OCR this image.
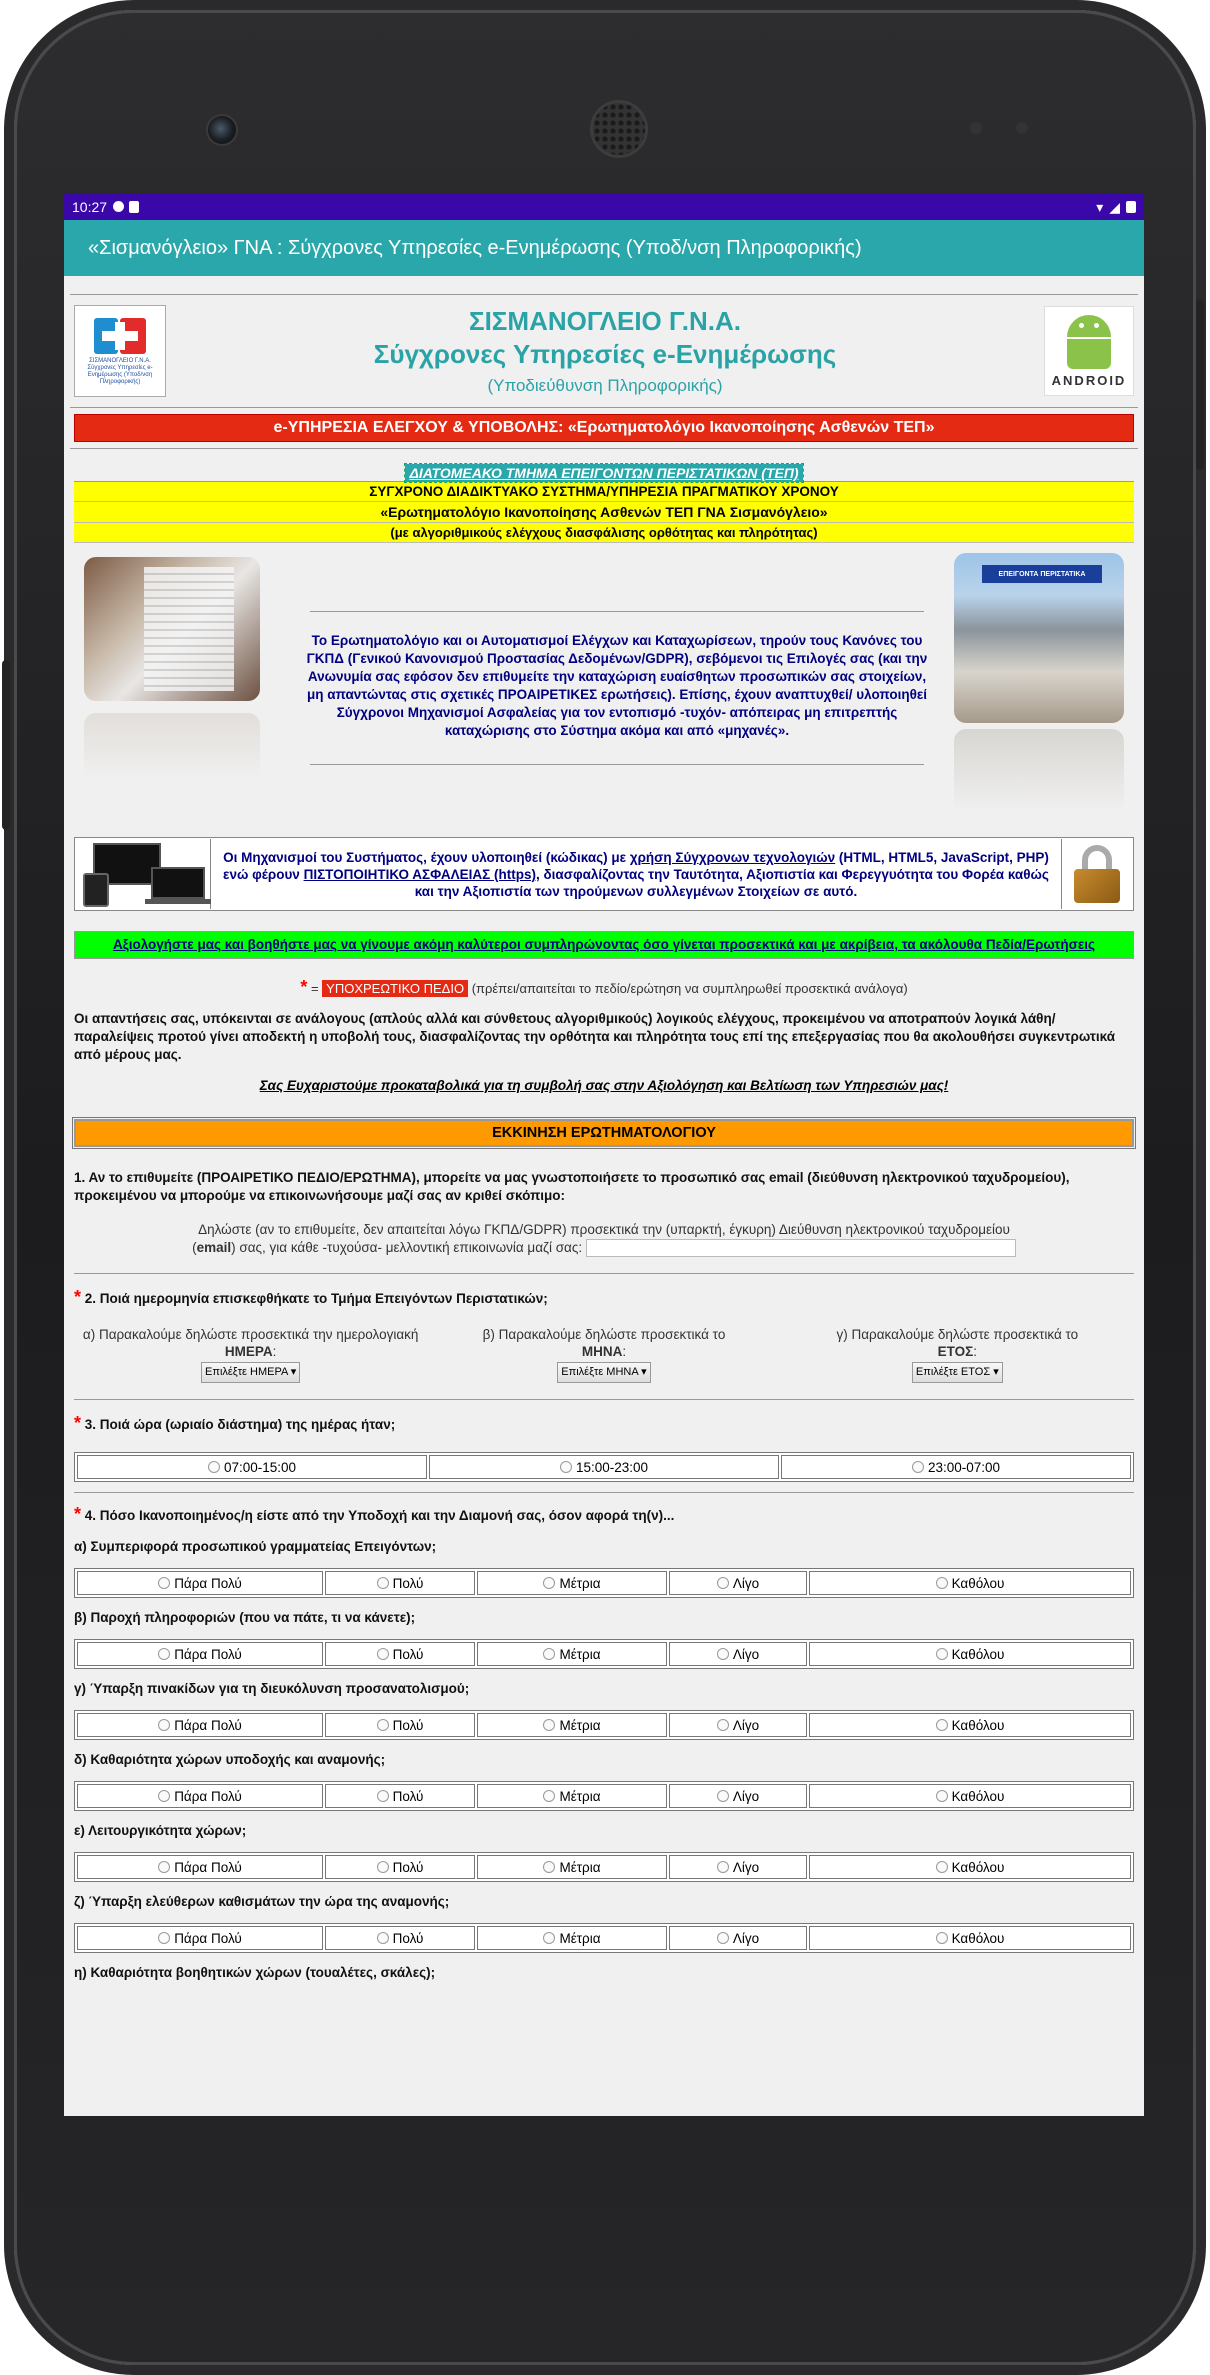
10:27	▾ ◢
«Σισμανόγλειο» ΓΝΑ : Σύγχρονες Υπηρεσίες e-Ενημέρωσης (Υποδ/νση Πληροφορικής)
ΣΙΣΜΑΝΟΓΛΕΙΟ Γ.Ν.Α. Σύγχρονες Υπηρεσίες e-Ενημέρωσης (Υποδ/νση Πληροφορικής)
ΣΙΣΜΑΝΟΓΛΕΙΟ Γ.Ν.Α.
Σύγχρονες Υπηρεσίες e-Ενημέρωσης
(Υποδιεύθυνση Πληροφορικής)	ANDROID
e-ΥΠΗΡΕΣΙΑ ΕΛΕΓΧΟΥ & ΥΠΟΒΟΛΗΣ: «Ερωτηματολόγιο Ικανοποίησης Ασθενών ΤΕΠ»
ΔΙΑΤΟΜΕΑΚΟ ΤΜΗΜΑ ΕΠΕΙΓΟΝΤΩΝ ΠΕΡΙΣΤΑΤΙΚΩΝ (ΤΕΠ)
ΣΥΓΧΡΟΝΟ ΔΙΑΔΙΚΤΥΑΚΟ ΣΥΣΤΗΜΑ/ΥΠΗΡΕΣΙΑ ΠΡΑΓΜΑΤΙΚΟΥ ΧΡΟΝΟΥ
«Ερωτηματολόγιο Ικανοποίησης Ασθενών ΤΕΠ ΓΝΑ Σισμανόγλειο»
(με αλγοριθμικούς ελέγχους διασφάλισης ορθότητας και πληρότητας)
Το Ερωτηματολόγιο και οι Αυτοματισμοί Ελέγχων και Καταχωρίσεων, τηρούν τους Κανόνες του ΓΚΠΔ (Γενικού Κανονισμού Προστασίας Δεδομένων/GDPR), σεβόμενοι τις Επιλογές σας (και την Ανωνυμία σας εφόσον δεν επιθυμείτε την καταχώριση ευαίσθητων προσωπικών σας στοιχείων, μη απαντώντας στις σχετικές ΠΡΟΑΙΡΕΤΙΚΕΣ ερωτήσεις). Επίσης, έχουν αναπτυχθεί/ υλοποιηθεί Σύγχρονοι Μηχανισμοί Ασφαλείας για τον εντοπισμό -τυχόν- απόπειρας μη επιτρεπτής καταχώρισης στο Σύστημα ακόμα και από «μηχανές».
ΕΠΕΙΓΟΝΤΑ ΠΕΡΙΣΤΑΤΙΚΑ
Οι Μηχανισμοί του Συστήματος, έχουν υλοποιηθεί (κώδικας) με χρήση Σύγχρονων τεχνολογιών (HTML, HTML5, JavaScript, PHP) ενώ φέρουν ΠΙΣΤΟΠΟΙΗΤΙΚΟ ΑΣΦΑΛΕΙΑΣ (https), διασφαλίζοντας την Ταυτότητα, Αξιοπιστία και Φερεγγυότητα του Φορέα καθώς και την Αξιοπιστία των τηρούμενων συλλεγμένων Στοιχείων σε αυτό.
Αξιολογήστε μας και βοηθήστε μας να γίνουμε ακόμη καλύτεροι συμπληρώνοντας όσο γίνεται προσεκτικά και με ακρίβεια, τα ακόλουθα Πεδία/Ερωτήσεις
* = ΥΠΟΧΡΕΩΤΙΚΟ ΠΕΔΙΟ (πρέπει/απαιτείται το πεδίο/ερώτηση να συμπληρωθεί προσεκτικά ανάλογα)
Οι απαντήσεις σας, υπόκεινται σε ανάλογους (απλούς αλλά και σύνθετους αλγοριθμικούς) λογικούς ελέγχους, προκειμένου να αποτραπούν λογικά λάθη/παραλείψεις προτού γίνει αποδεκτή η υποβολή τους, διασφαλίζοντας την ορθότητα και πληρότητα τους επί της επεξεργασίας που θα ακολουθήσει συγκεντρωτικά από μέρους μας.
Σας Ευχαριστούμε προκαταβολικά για τη συμβολή σας στην Αξιολόγηση και Βελτίωση των Υπηρεσιών μας!
ΕΚΚΙΝΗΣΗ ΕΡΩΤΗΜΑΤΟΛΟΓΙΟΥ
1. Αν το επιθυμείτε (ΠΡΟΑΙΡΕΤΙΚΟ ΠΕΔΙΟ/ΕΡΩΤΗΜΑ), μπορείτε να μας γνωστοποιήσετε το προσωπικό σας email (διεύθυνση ηλεκτρονικού ταχυδρομείου), προκειμένου να μπορούμε να επικοινωνήσουμε μαζί σας αν κριθεί σκόπιμο:
Δηλώστε (αν το επιθυμείτε, δεν απαιτείται λόγω ΓΚΠΔ/GDPR) προσεκτικά την (υπαρκτή, έγκυρη) Διεύθυνση ηλεκτρονικού ταχυδρομείου
(email) σας, για κάθε -τυχούσα- μελλοντική επικοινωνία μαζί σας:
* 2. Ποιά ημερομηνία επισκεφθήκατε το Τμήμα Επειγόντων Περιστατικών;
α) Παρακαλούμε δηλώστε προσεκτικά την ημερολογιακή
ΗΜΕΡΑ:
Επιλέξτε ΗΜΕΡΑ ▾
β) Παρακαλούμε δηλώστε προσεκτικά το
ΜΗΝΑ:
Επιλέξτε ΜΗΝΑ ▾
γ) Παρακαλούμε δηλώστε προσεκτικά το
ΕΤΟΣ:
Επιλέξτε ΕΤΟΣ ▾
* 3. Ποιά ώρα (ωριαίο διάστημα) της ημέρας ήταν;
07:00-15:00	15:00-23:00	23:00-07:00
* 4. Πόσο Ικανοποιημένος/η είστε από την Υποδοχή και την Διαμονή σας, όσον αφορά τη(ν)...
α) Συμπεριφορά προσωπικού γραμματείας Επειγόντων;
Πάρα Πολύ	Πολύ	Μέτρια	Λίγο	Καθόλου
β) Παροχή πληροφοριών (που να πάτε, τι να κάνετε);
Πάρα Πολύ	Πολύ	Μέτρια	Λίγο	Καθόλου
γ) Ύπαρξη πινακίδων για τη διευκόλυνση προσανατολισμού;
Πάρα Πολύ	Πολύ	Μέτρια	Λίγο	Καθόλου
δ) Καθαριότητα χώρων υποδοχής και αναμονής;
Πάρα Πολύ	Πολύ	Μέτρια	Λίγο	Καθόλου
ε) Λειτουργικότητα χώρων;
Πάρα Πολύ	Πολύ	Μέτρια	Λίγο	Καθόλου
ζ) Ύπαρξη ελεύθερων καθισμάτων την ώρα της αναμονής;
Πάρα Πολύ	Πολύ	Μέτρια	Λίγο	Καθόλου
η) Καθαριότητα βοηθητικών χώρων (τουαλέτες, σκάλες);
